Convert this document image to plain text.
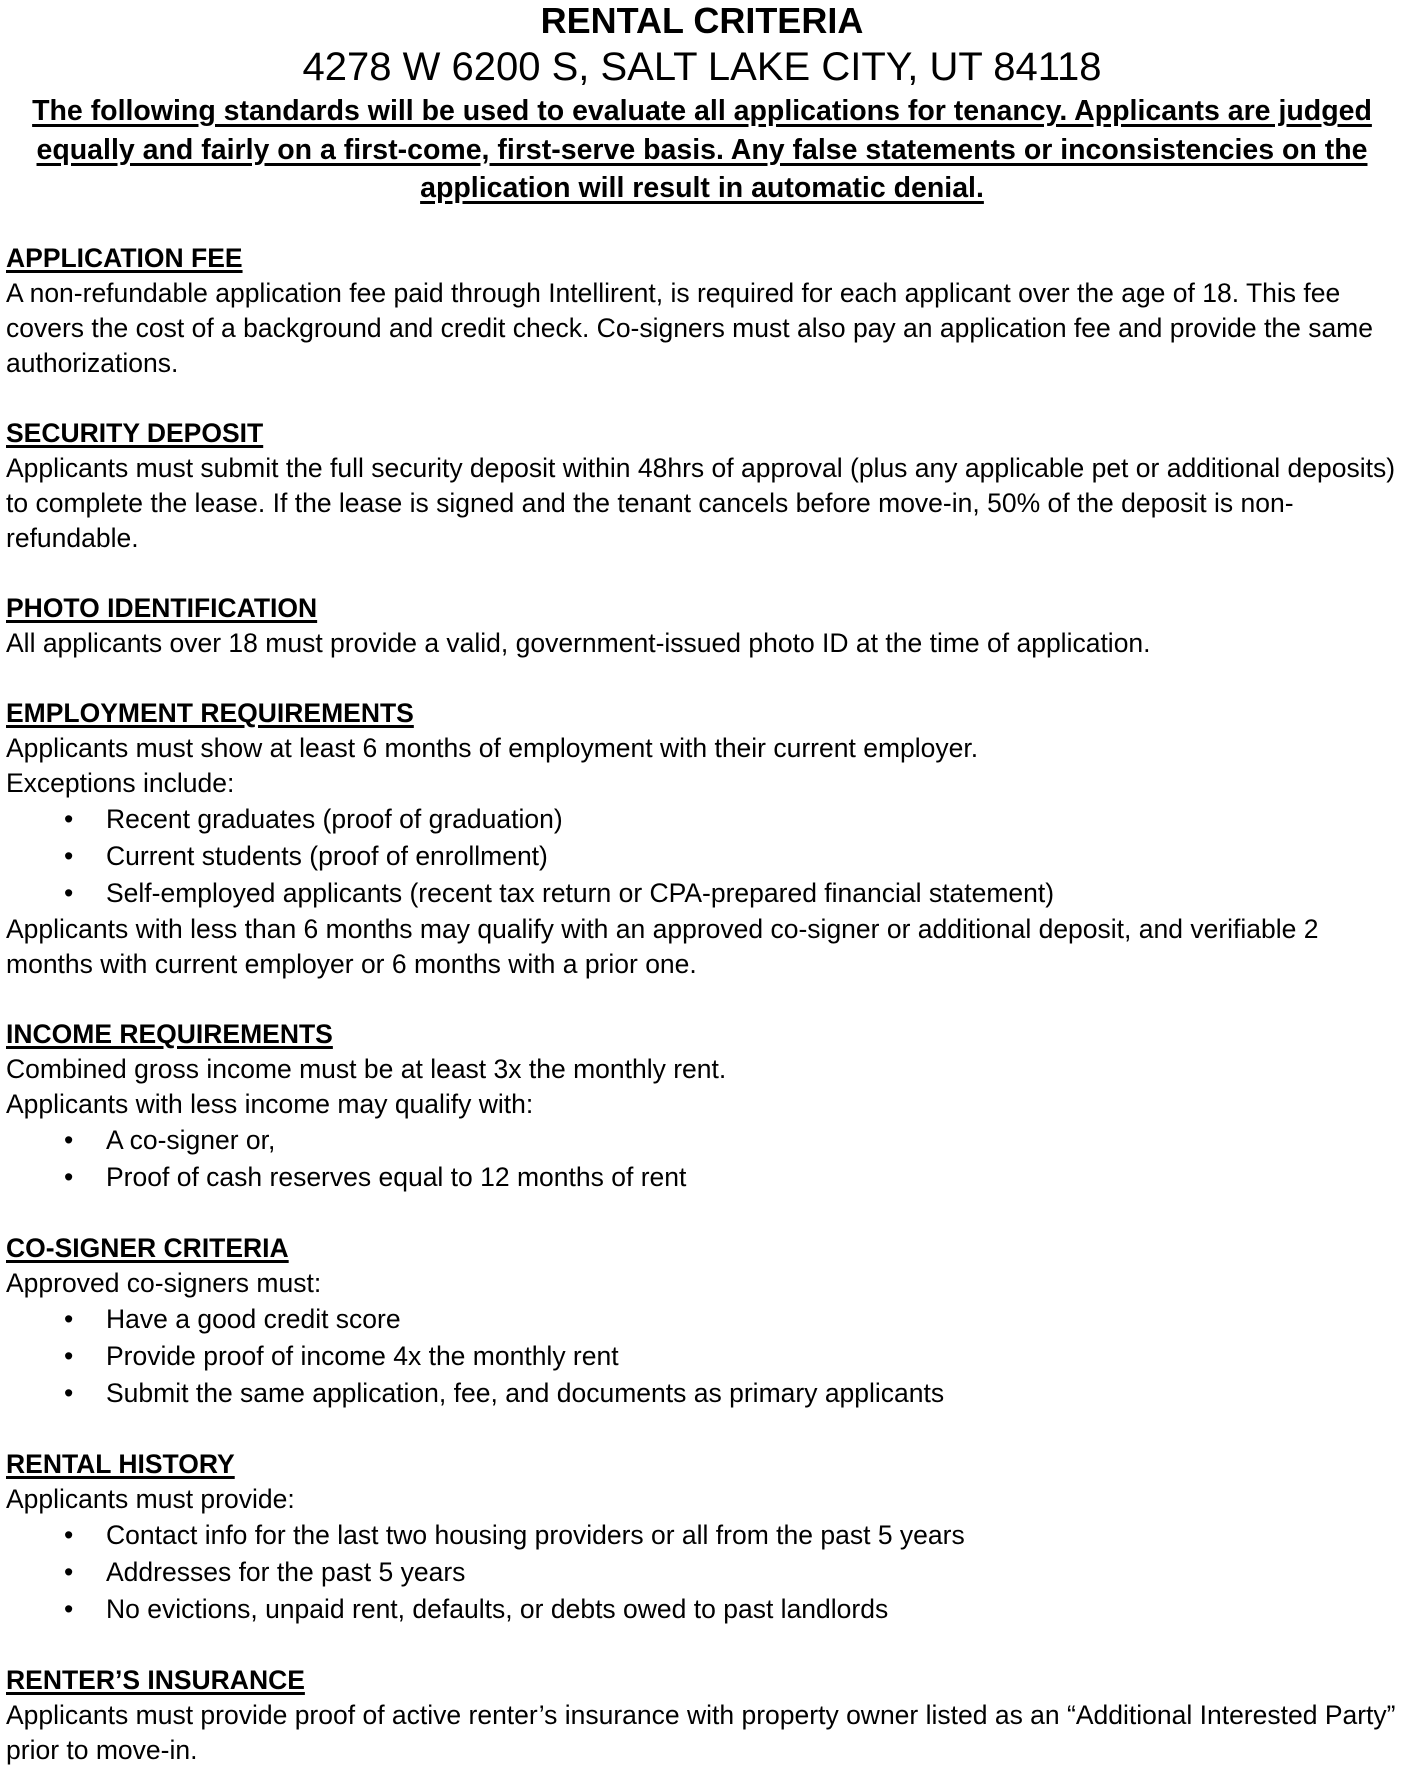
RENTAL CRITERIA
4278 W 6200 S, SALT LAKE CITY, UT 84118
The following standards will be used to evaluate all applications for tenancy. Applicants are judged equally and fairly on a first-come, first-serve basis. Any false statements or inconsistencies on the application will result in automatic denial.
APPLICATION FEE

A non-refundable application fee paid through Intellirent, is required for each applicant over the age of 18. This fee covers the cost of a background and credit check. Co-signers must also pay an application fee and provide the same authorizations.

SECURITY DEPOSIT

Applicants must submit the full security deposit within 48hrs of approval (plus any applicable pet or additional deposits) to complete the lease. If the lease is signed and the tenant cancels before move-in, 50% of the deposit is non-refundable.

PHOTO IDENTIFICATION

All applicants over 18 must provide a valid, government-issued photo ID at the time of application.

EMPLOYMENT REQUIREMENTS

Applicants must show at least 6 months of employment with their current employer.

Exceptions include:

• Recent graduates (proof of graduation)
• Current students (proof of enrollment)
• Self-employed applicants (recent tax return or CPA-prepared financial statement)

Applicants with less than 6 months may qualify with an approved co-signer or additional deposit, and verifiable 2 months with current employer or 6 months with a prior one.

INCOME REQUIREMENTS

Combined gross income must be at least 3x the monthly rent.

Applicants with less income may qualify with:

• A co-signer or,
• Proof of cash reserves equal to 12 months of rent
CO-SIGNER CRITERIA

Approved co-signers must:

• Have a good credit score
• Provide proof of income 4x the monthly rent
• Submit the same application, fee, and documents as primary applicants
RENTAL HISTORY

Applicants must provide:

• Contact info for the last two housing providers or all from the past 5 years
• Addresses for the past 5 years
• No evictions, unpaid rent, defaults, or debts owed to past landlords
RENTER’S INSURANCE

Applicants must provide proof of active renter’s insurance with property owner listed as an “Additional Interested Party” prior to move-in.
